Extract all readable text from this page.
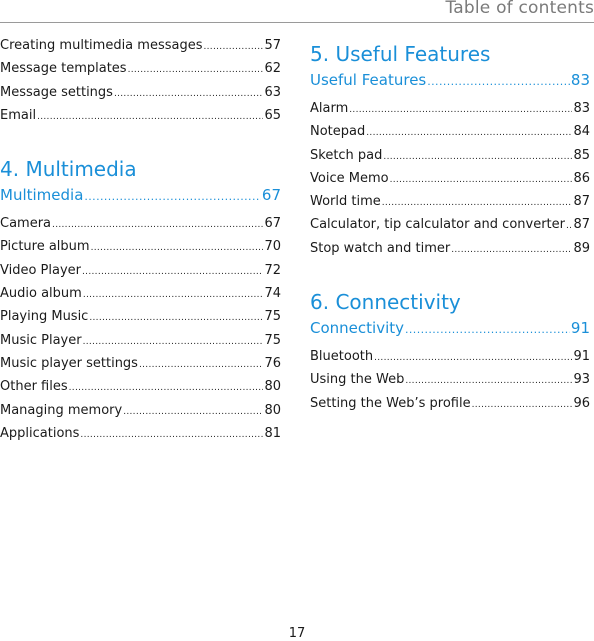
Table of contents
Creating multimedia messages .....	57
Message templates .....	62
Message settings .....	63
Email .....	65
4. Multimedia
Multimedia .....	67
Camera .....	67
Picture album .....	70
Video Player .....	72
Audio album .....	74
Playing Music .....	75
Music Player .....	75
Music player settings .....	76
Other files .....	80
Managing memory .....	80
Applications .....	81
5. Useful Features
Useful Features .....	83
Alarm .....	83
Notepad .....	84
Sketch pad .....	85
Voice Memo .....	86
World time .....	87
Calculator, tip calculator and converter ..... 87
Stop watch and timer .....	89
6. Connectivity
Connectivity .....	91
Bluetooth .....	91
Using the Web .....	93
Setting the Web’s profile .....	96
17
